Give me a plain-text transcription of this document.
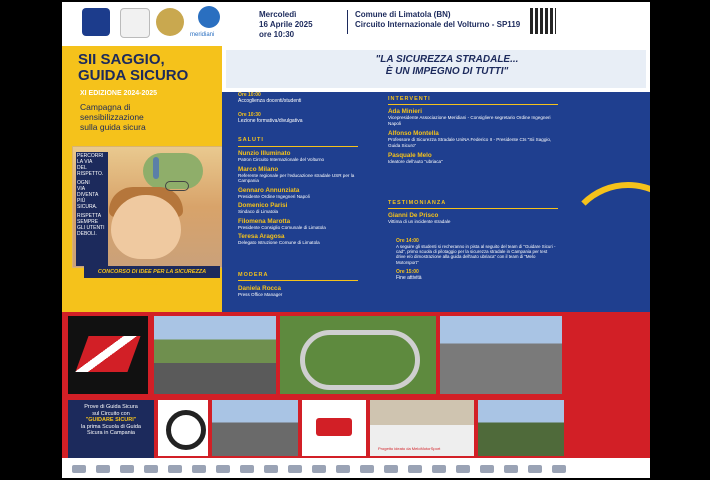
meridiani
Mercoledì
16 Aprile 2025
ore 10:30
Comune di Limatola (BN)
Circuito Internazionale del Volturno - SP119
SII SAGGIO,
GUIDA SICURO
XI EDIZIONE 2024-2025
Campagna di
sensibilizzazione
sulla guida sicura
PERCORRI
LA VIA
DEL
RISPETTO.
OGNI
VIA
DIVENTA
PIÙ
SICURA.
RISPETTA
SEMPRE
GLI UTENTI
DEBOLI.
CONCORSO DI IDEE PER LA SICUREZZA STRADALE
"LA SICUREZZA STRADALE...
È UN IMPEGNO DI TUTTI"
Ore 10:00
Accoglienza docenti/studenti
Ore 10:30
Lezione formativa/divulgativa
SALUTI
Nunzio Illuminato
Patron Circuito Internazionale del Volturno
Marco Milano
Referente regionale per l'educazione stradale USR per la Campania
Gennaro Annunziata
Presidente Ordine Ingegneri Napoli
Domenico Parisi
Sindaco di Limatola
Filomena Marotta
Presidente Consiglio Comunale di Limatola
Teresa Aragosa
Delegato Istruzione Comune di Limatola
MODERA
Daniela Rocca
Press Office Manager
INTERVENTI
Ada Minieri
Vicepresidente Associazione Meridiani - Consigliere segretario Ordine Ingegneri Napoli
Alfonso Montella
Professore di Sicurezza Stradale UniNA Federico II - Presidente Cts "Sii Saggio, Guida Sicuro"
Pasquale Melo
Ideatore dell'auto "ubriaca"
TESTIMONIANZA
Gianni De Prisco
Vittima di un incidente stradale
Ore 14:00
A seguire gli studenti si recheranno in pista al seguito del team di "Guidare Sicuri - cad", primo scuola di pilotaggio per la sicurezza stradale in Campania per test drive e/o dimostrazione alla guida dell'auto ubriaca" con il team di "Melo Motorsport"
Ore 15:00
Fine attività
Prove di Guida Sicura
sul Circuito con
"GUIDARE SICURI"
la prima Scuola di Guida
Sicura in Campania
Progetto ideato da MeloMotorSport
